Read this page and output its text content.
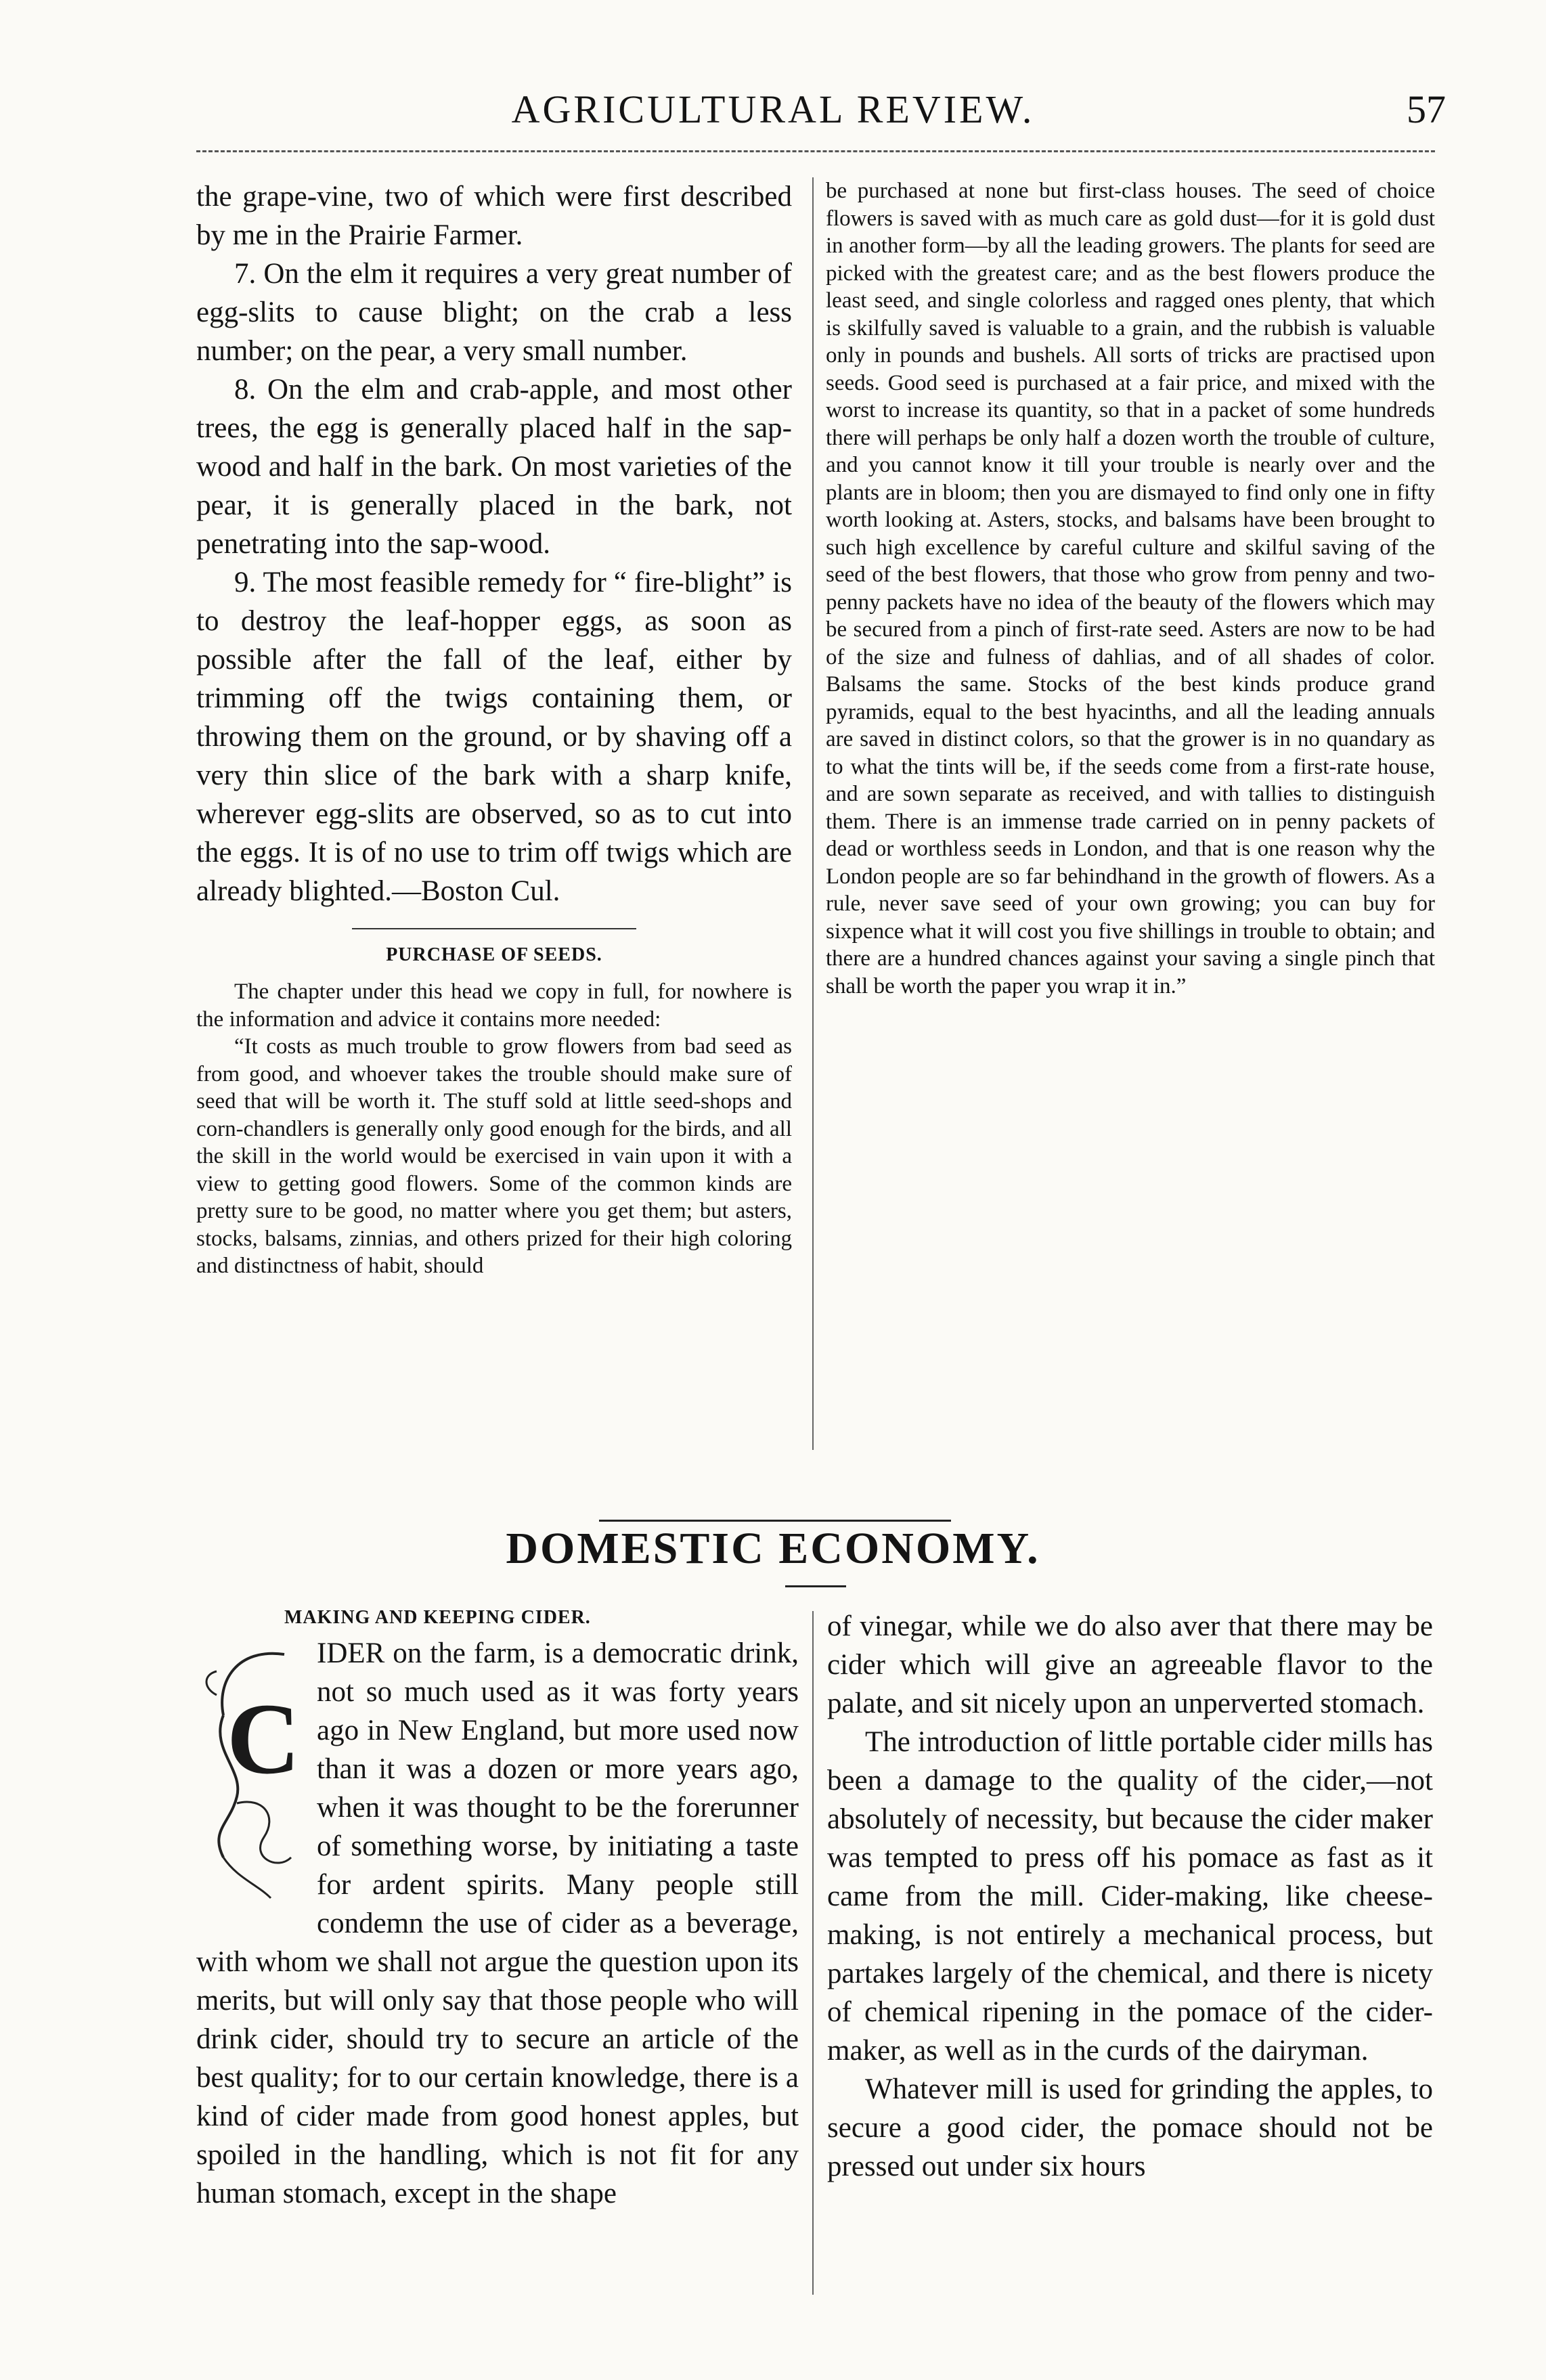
AGRICULTURAL REVIEW.	57

the grape-vine, two of which were first described by me in the Prairie Farmer.

7. On the elm it requires a very great number of egg-slits to cause blight; on the crab a less number; on the pear, a very small number.

8. On the elm and crab-apple, and most other trees, the egg is generally placed half in the sap-wood and half in the bark. On most varieties of the pear, it is generally placed in the bark, not penetrating into the sap-wood.

9. The most feasible remedy for “ fire-blight” is to destroy the leaf-hopper eggs, as soon as possible after the fall of the leaf, either by trimming off the twigs containing them, or throwing them on the ground, or by shaving off a very thin slice of the bark with a sharp knife, wherever egg-slits are observed, so as to cut into the eggs. It is of no use to trim off twigs which are already blighted.—Boston Cul.

PURCHASE OF SEEDS.

The chapter under this head we copy in full, for nowhere is the information and advice it contains more needed:

“It costs as much trouble to grow flowers from bad seed as from good, and whoever takes the trouble should make sure of seed that will be worth it. The stuff sold at little seed-shops and corn-chandlers is generally only good enough for the birds, and all the skill in the world would be exercised in vain upon it with a view to getting good flowers. Some of the common kinds are pretty sure to be good, no matter where you get them; but asters, stocks, balsams, zinnias, and others prized for their high coloring and distinctness of habit, should

be purchased at none but first-class houses. The seed of choice flowers is saved with as much care as gold dust—for it is gold dust in another form—by all the leading growers. The plants for seed are picked with the greatest care; and as the best flowers produce the least seed, and single colorless and ragged ones plenty, that which is skilfully saved is valuable to a grain, and the rubbish is valuable only in pounds and bushels. All sorts of tricks are practised upon seeds. Good seed is purchased at a fair price, and mixed with the worst to increase its quantity, so that in a packet of some hundreds there will perhaps be only half a dozen worth the trouble of culture, and you cannot know it till your trouble is nearly over and the plants are in bloom; then you are dismayed to find only one in fifty worth looking at. Asters, stocks, and balsams have been brought to such high excellence by careful culture and skilful saving of the seed of the best flowers, that those who grow from penny and two-penny packets have no idea of the beauty of the flowers which may be secured from a pinch of first-rate seed. Asters are now to be had of the size and fulness of dahlias, and of all shades of color. Balsams the same. Stocks of the best kinds produce grand pyramids, equal to the best hyacinths, and all the leading annuals are saved in distinct colors, so that the grower is in no quandary as to what the tints will be, if the seeds come from a first-rate house, and are sown separate as received, and with tallies to distinguish them. There is an immense trade carried on in penny packets of dead or worthless seeds in London, and that is one reason why the London people are so far behindhand in the growth of flowers. As a rule, never save seed of your own growing; you can buy for sixpence what it will cost you five shillings in trouble to obtain; and there are a hundred chances against your saving a single pinch that shall be worth the paper you wrap it in.”

DOMESTIC ECONOMY.
MAKING AND KEEPING CIDER.
C

IDER on the farm, is a democratic drink, not so much used as it was forty years ago in New England, but more used now than it was a dozen or more years ago, when it was thought to be the forerunner of something worse, by initiating a taste for ardent spirits. Many people still condemn the use of cider as a beverage, with whom we shall not argue the question upon its merits, but will only say that those people who will drink cider, should try to secure an article of the best quality; for to our certain knowledge, there is a kind of cider made from good honest apples, but spoiled in the handling, which is not fit for any human stomach, except in the shape

of vinegar, while we do also aver that there may be cider which will give an agreeable flavor to the palate, and sit nicely upon an unperverted stomach.

The introduction of little portable cider mills has been a damage to the quality of the cider,—not absolutely of necessity, but because the cider maker was tempted to press off his pomace as fast as it came from the mill. Cider-making, like cheese-making, is not entirely a mechanical process, but partakes largely of the chemical, and there is nicety of chemical ripening in the pomace of the cider-maker, as well as in the curds of the dairyman.

Whatever mill is used for grinding the apples, to secure a good cider, the pomace should not be pressed out under six hours
